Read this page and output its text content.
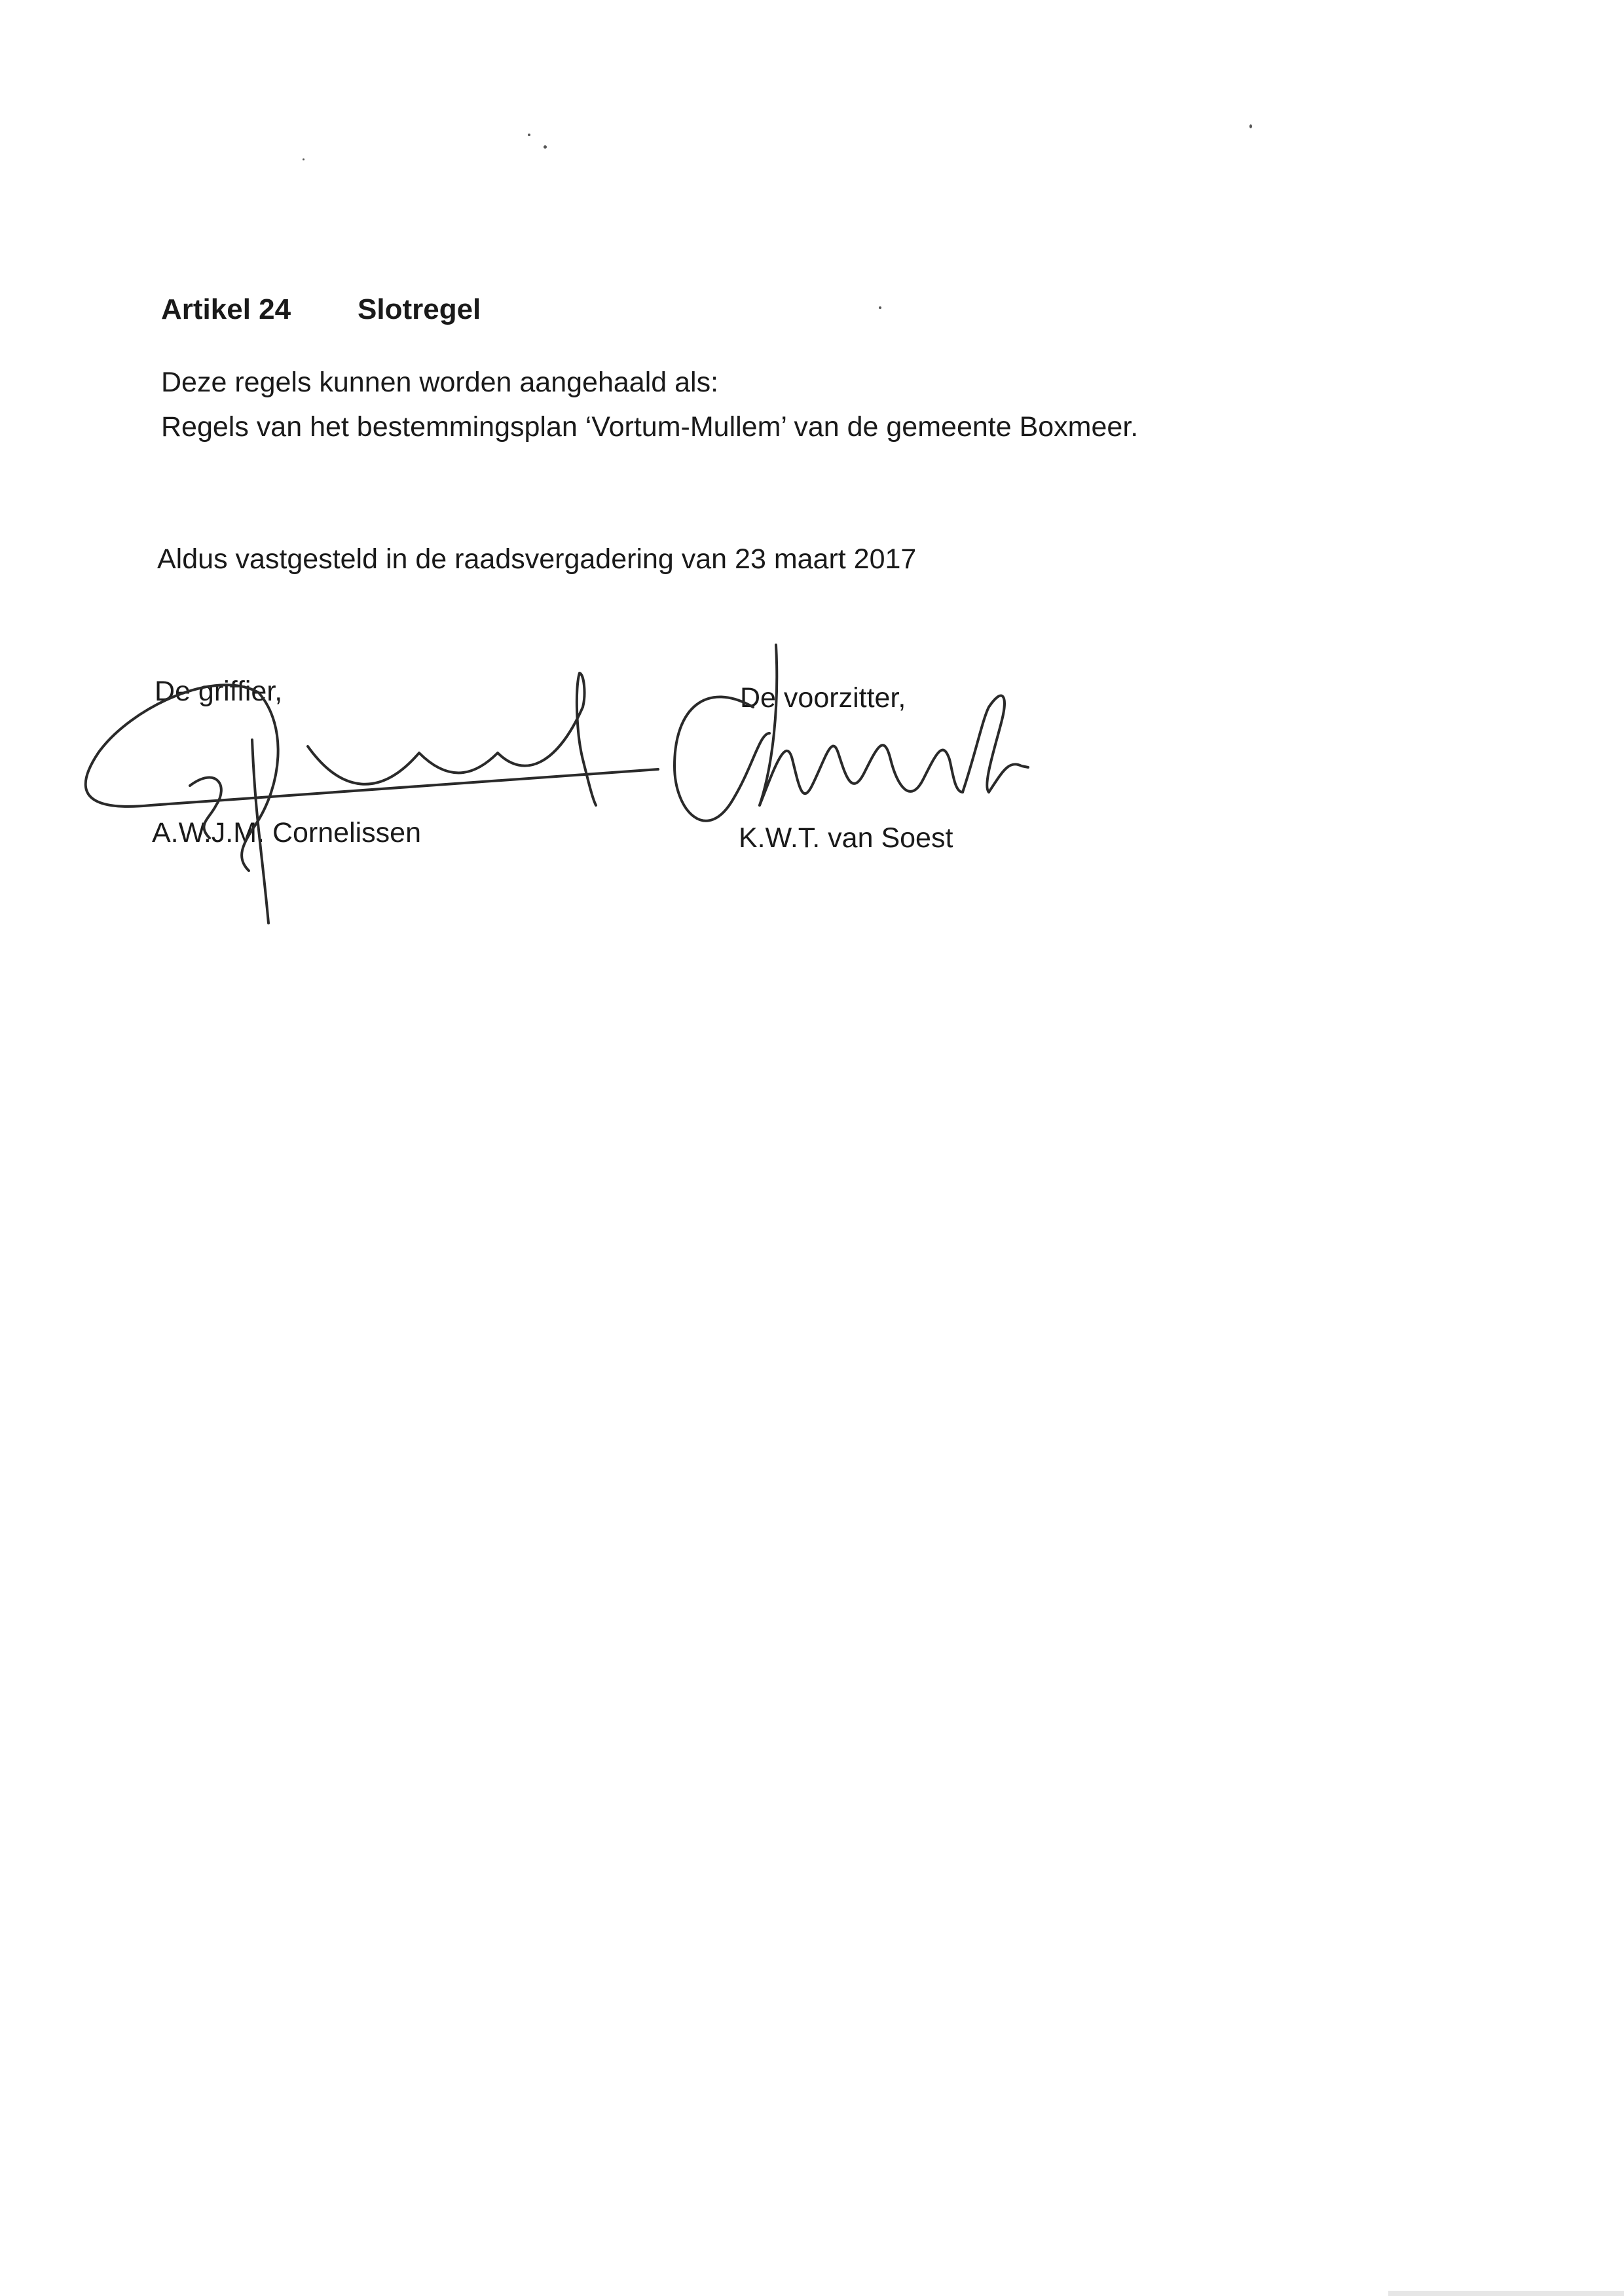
Artikel 24 Slotregel
Deze regels kunnen worden aangehaald als:
Regels van het bestemmingsplan ‘Vortum-Mullem’ van de gemeente Boxmeer.
Aldus vastgesteld in de raadsvergadering van 23 maart 2017
De griffier,
A.W.J.M. Cornelissen
De voorzitter,
K.W.T. van Soest
